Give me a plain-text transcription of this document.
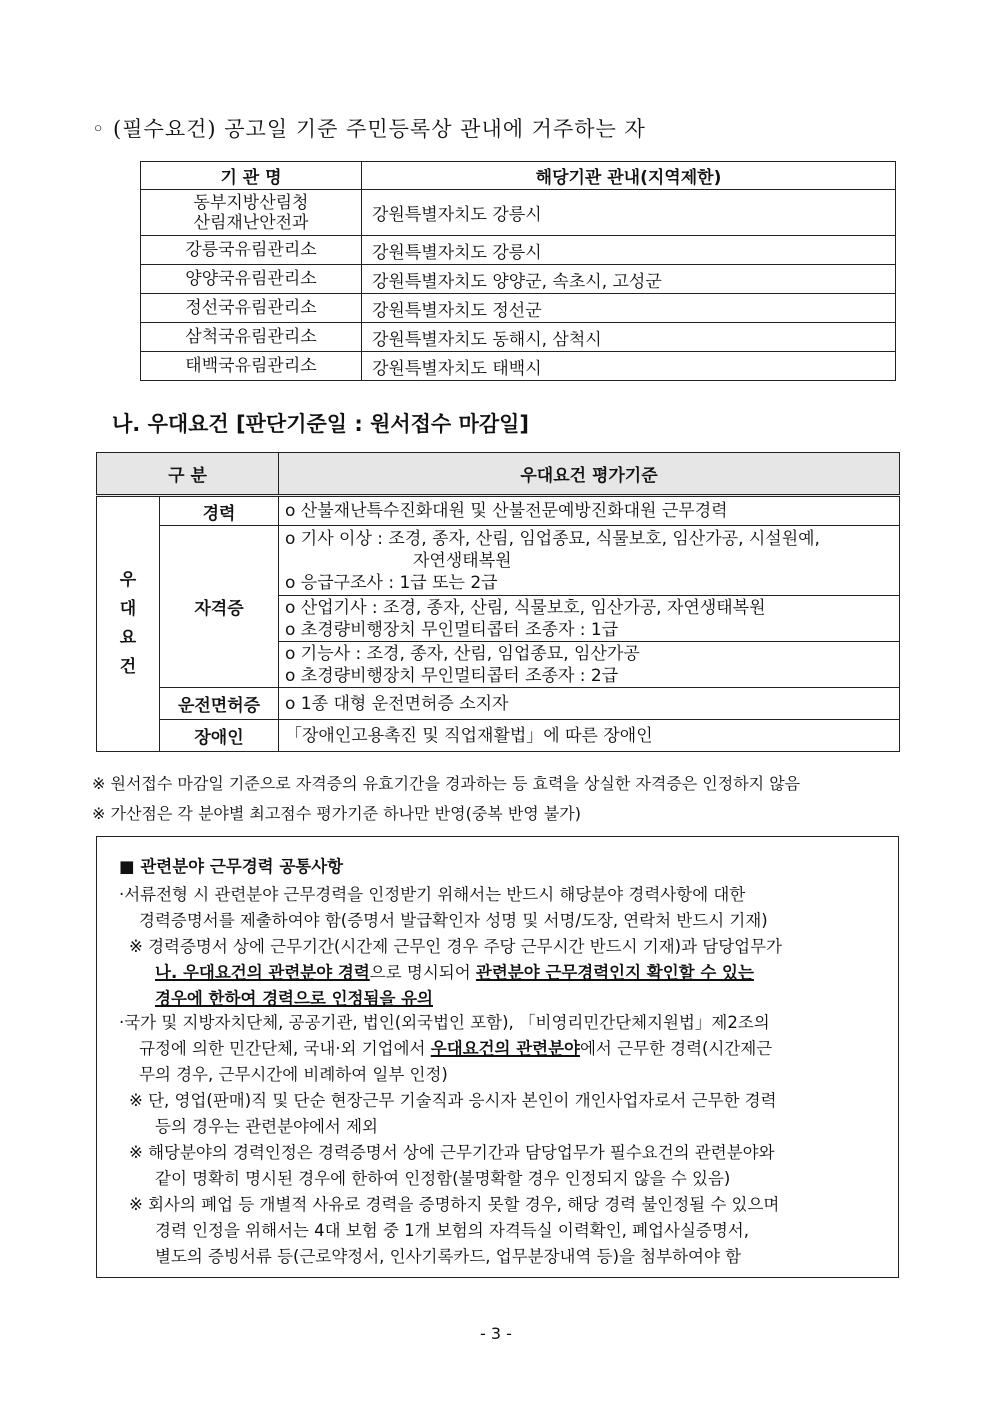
◦ (필수요건) 공고일 기준 주민등록상 관내에 거주하는 자
기 관 명	해당기관 관내(지역제한)

동부지방산림청
산림재난안전과	강원특별자치도 강릉시
강릉국유림관리소	강원특별자치도 강릉시
양양국유림관리소	강원특별자치도 양양군, 속초시, 고성군
정선국유림관리소	강원특별자치도 정선군
삼척국유림관리소	강원특별자치도 동해시, 삼척시
태백국유림관리소	강원특별자치도 태백시
나. 우대요건 [판단기준일 : 원서접수 마감일]
구 분		우대요건 평가기준

우
대
요
건	경력	o 산불재난특수진화대원 및 산불전문예방진화대원 근무경력
	자격증	o 기사 이상 : 조경, 종자, 산림, 임업종묘, 식물보호, 임산가공, 시설원예,
자연생태복원
o 응급구조사 : 1급 또는 2급

		o 산업기사 : 조경, 종자, 산림, 식물보호, 임산가공, 자연생태복원
o 초경량비행장치 무인멀티콥터 조종자 : 1급

		o 기능사 : 조경, 종자, 산림, 임업종묘, 임산가공
o 초경량비행장치 무인멀티콥터 조종자 : 2급

	운전면허증	o 1종 대형 운전면허증 소지자
	장애인	「장애인고용촉진 및 직업재활법」에 따른 장애인
※ 원서접수 마감일 기준으로 자격증의 유효기간을 경과하는 등 효력을 상실한 자격증은 인정하지 않음
※ 가산점은 각 분야별 최고점수 평가기준 하나만 반영(중복 반영 불가)
■ 관련분야 근무경력 공통사항
·서류전형 시 관련분야 근무경력을 인정받기 위해서는 반드시 해당분야 경력사항에 대한
경력증명서를 제출하여야 함(증명서 발급확인자 성명 및 서명/도장, 연락처 반드시 기재)
※ 경력증명서 상에 근무기간(시간제 근무인 경우 주당 근무시간 반드시 기재)과 담당업무가
나. 우대요건의 관련분야 경력으로 명시되어 관련분야 근무경력인지 확인할 수 있는
경우에 한하여 경력으로 인정됨을 유의
·국가 및 지방자치단체, 공공기관, 법인(외국법인 포함), 「비영리민간단체지원법」제2조의
규정에 의한 민간단체, 국내·외 기업에서 우대요건의 관련분야에서 근무한 경력(시간제근
무의 경우, 근무시간에 비례하여 일부 인정)
※ 단, 영업(판매)직 및 단순 현장근무 기술직과 응시자 본인이 개인사업자로서 근무한 경력
등의 경우는 관련분야에서 제외
※ 해당분야의 경력인정은 경력증명서 상에 근무기간과 담당업무가 필수요건의 관련분야와
같이 명확히 명시된 경우에 한하여 인정함(불명확할 경우 인정되지 않을 수 있음)
※ 회사의 폐업 등 개별적 사유로 경력을 증명하지 못할 경우, 해당 경력 불인정될 수 있으며
경력 인정을 위해서는 4대 보험 중 1개 보험의 자격득실 이력확인, 폐업사실증명서,
별도의 증빙서류 등(근로약정서, 인사기록카드, 업무분장내역 등)을 첨부하여야 함
- 3 -
